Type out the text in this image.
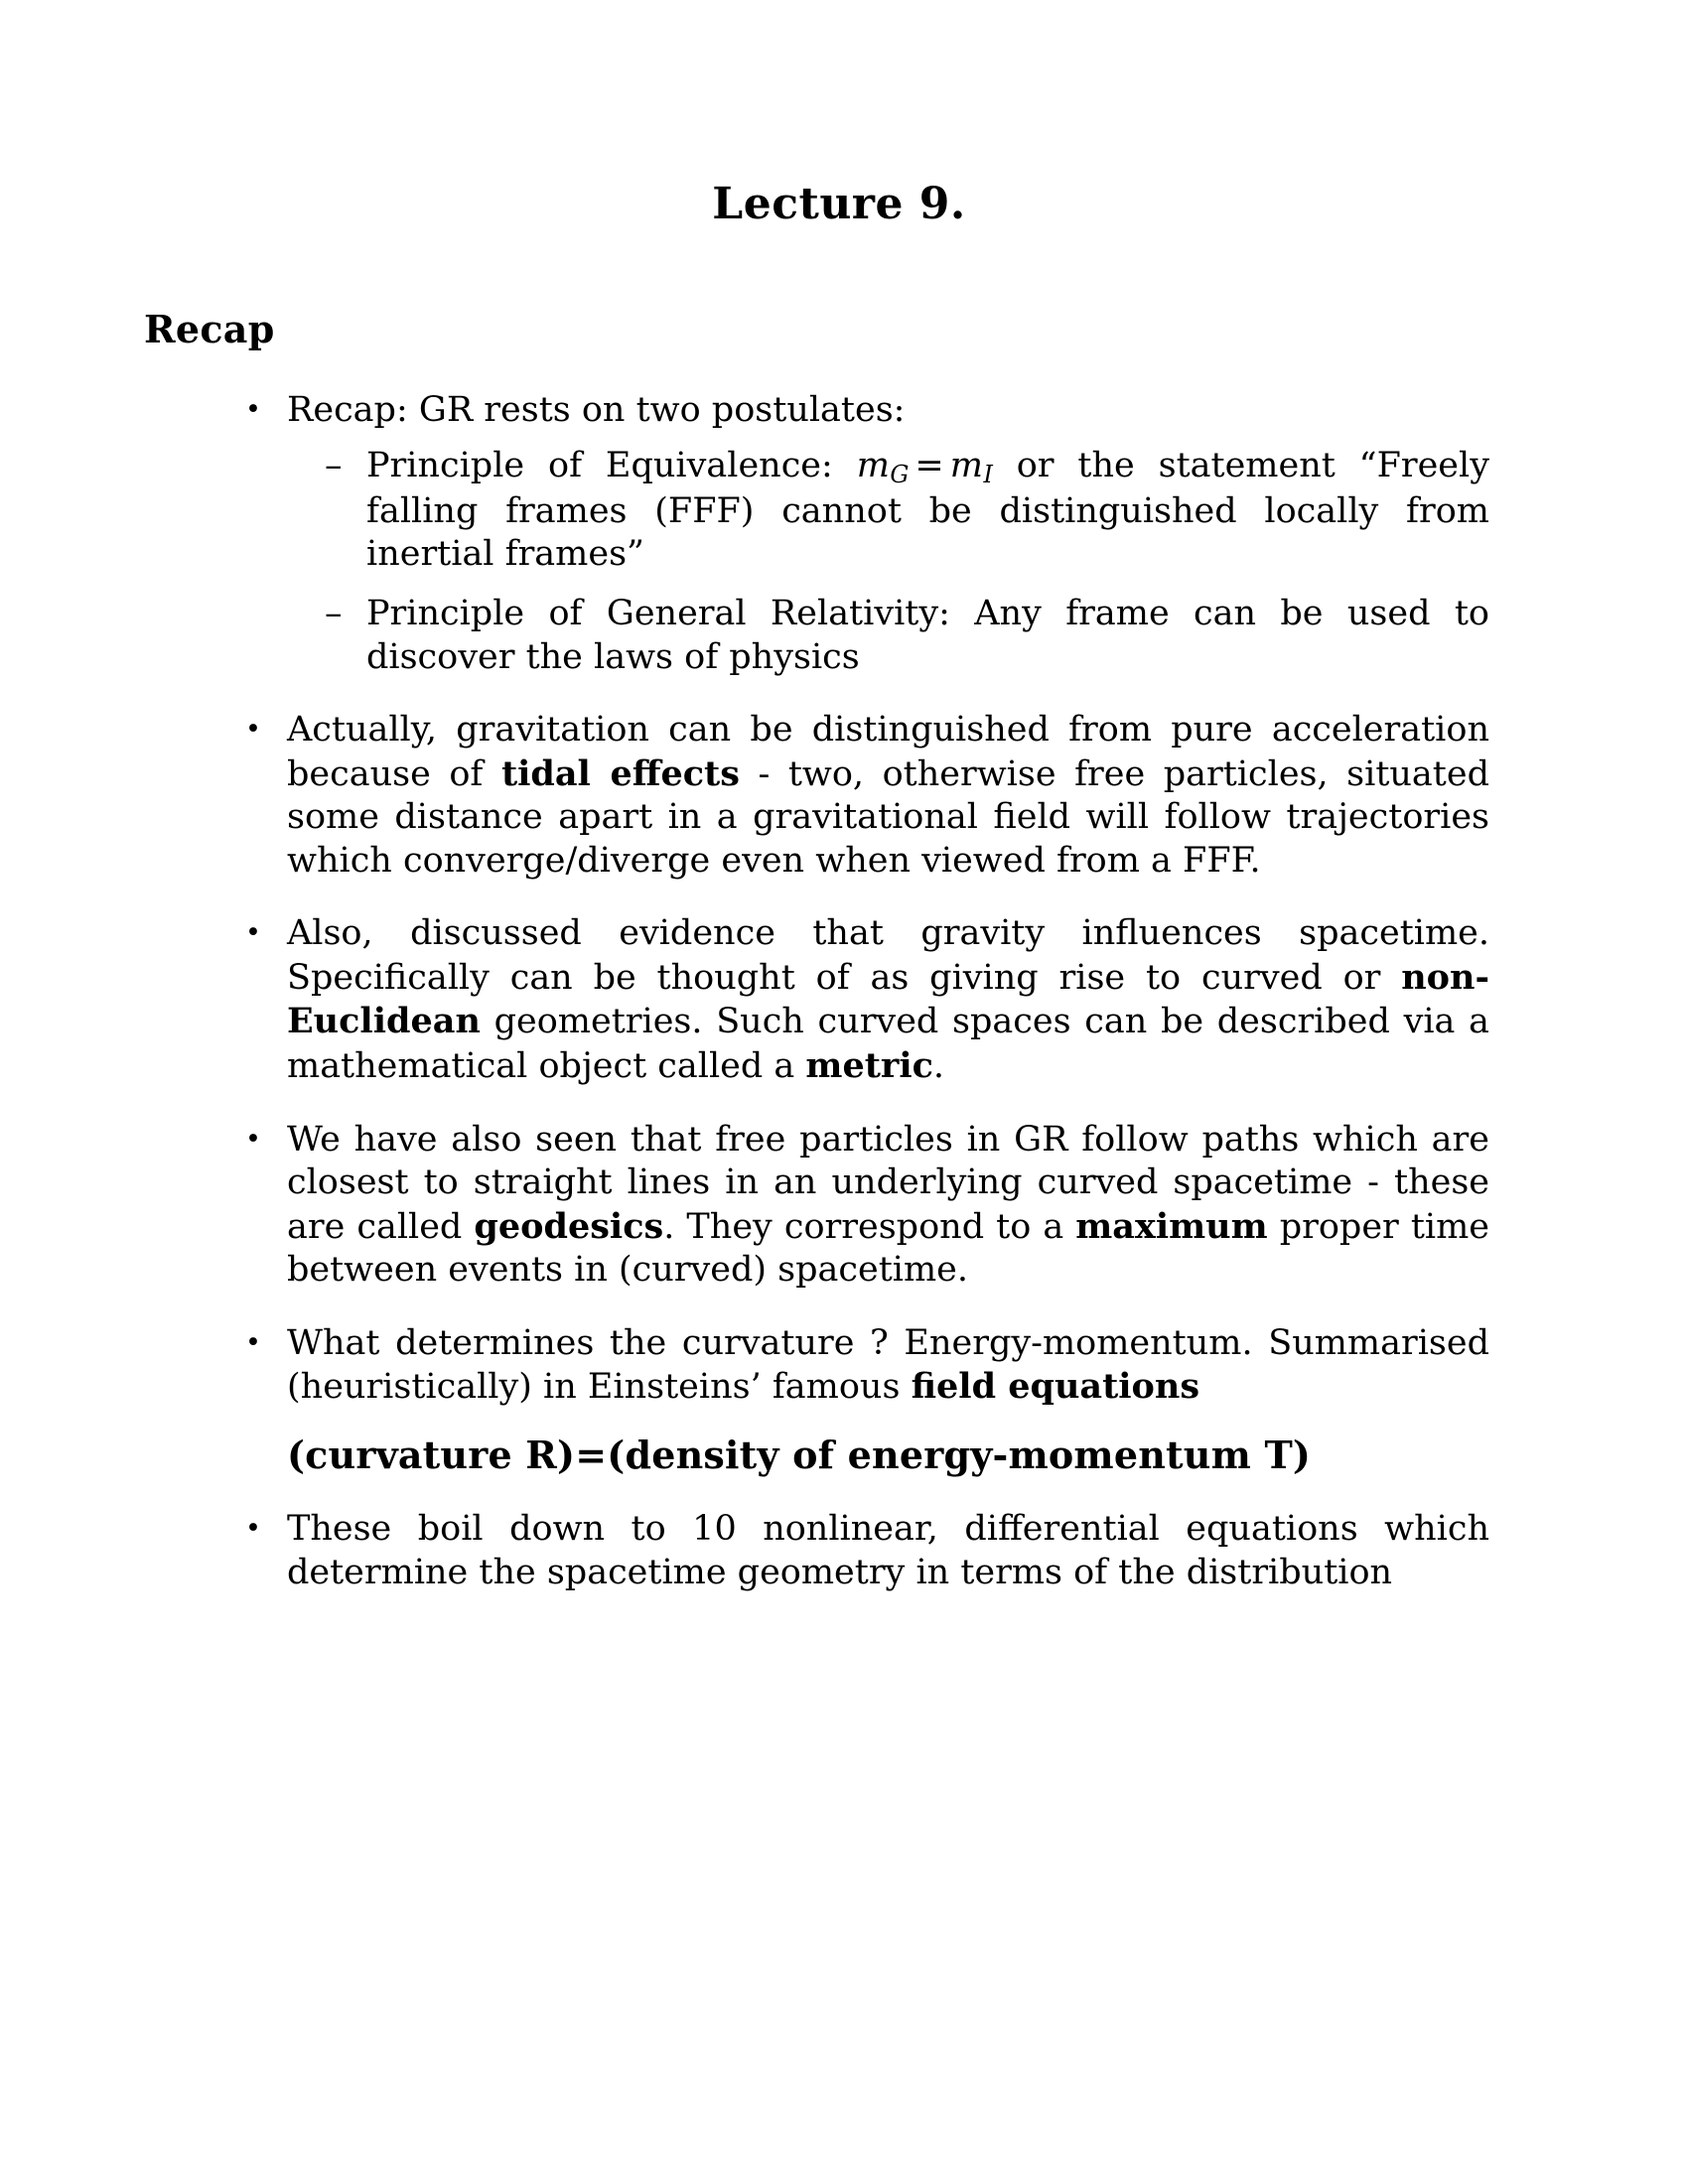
Lecture 9.
Recap
• Recap: GR rests on two postulates:
– Principle of Equivalence: $m_G = m_I$ or the statement “Freely falling frames (FFF) cannot be distinguished locally from inertial frames”
– Principle of General Relativity: Any frame can be used to discover the laws of physics
• Actually, gravitation can be distinguished from pure acceleration because of tidal effects - two, otherwise free particles, situated some distance apart in a gravitational field will follow trajectories which converge/diverge even when viewed from a FFF.
• Also, discussed evidence that gravity influences spacetime. Specifically can be thought of as giving rise to curved or non-Euclidean geometries. Such curved spaces can be described via a mathematical object called a metric.
• We have also seen that free particles in GR follow paths which are closest to straight lines in an underlying curved spacetime - these are called geodesics. They correspond to a maximum proper time between events in (curved) spacetime.
• What determines the curvature ? Energy-momentum. Summarised (heuristically) in Einsteins’ famous field equations
(curvature R)=(density of energy-momentum T)
• These boil down to 10 nonlinear, differential equations which determine the spacetime geometry in terms of the distribution
